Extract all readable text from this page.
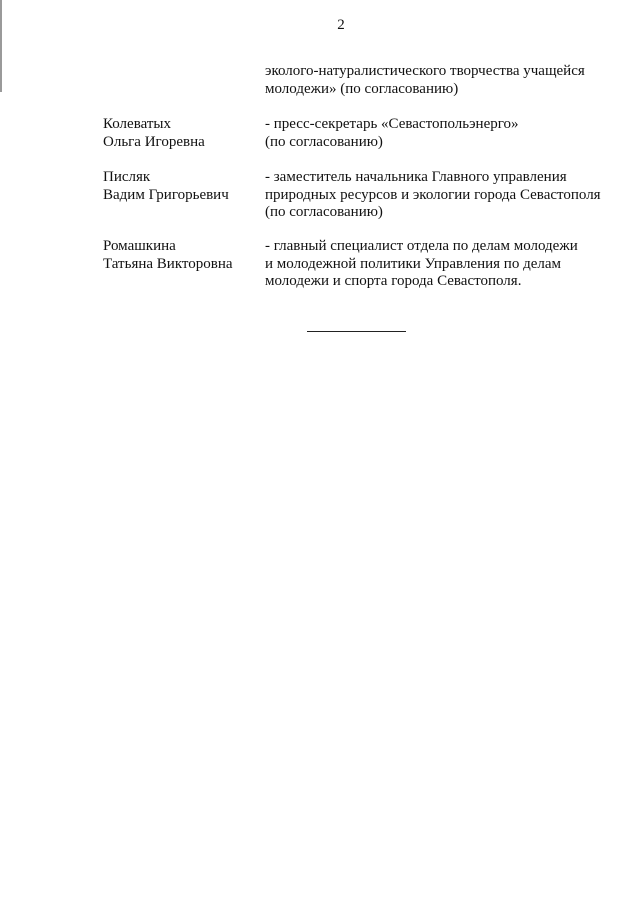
2
эколого-натуралистического творчества учащейся
молодежи» (по согласованию)
Колеватых
Ольга Игоревна
- пресс-секретарь «Севастопольэнерго»
(по согласованию)
Писляк
Вадим Григорьевич
- заместитель начальника Главного управления
природных ресурсов и экологии города Севастополя
(по согласованию)
Ромашкина
Татьяна Викторовна
- главный специалист отдела по делам молодежи
и молодежной политики Управления по делам
молодежи и спорта города Севастополя.
